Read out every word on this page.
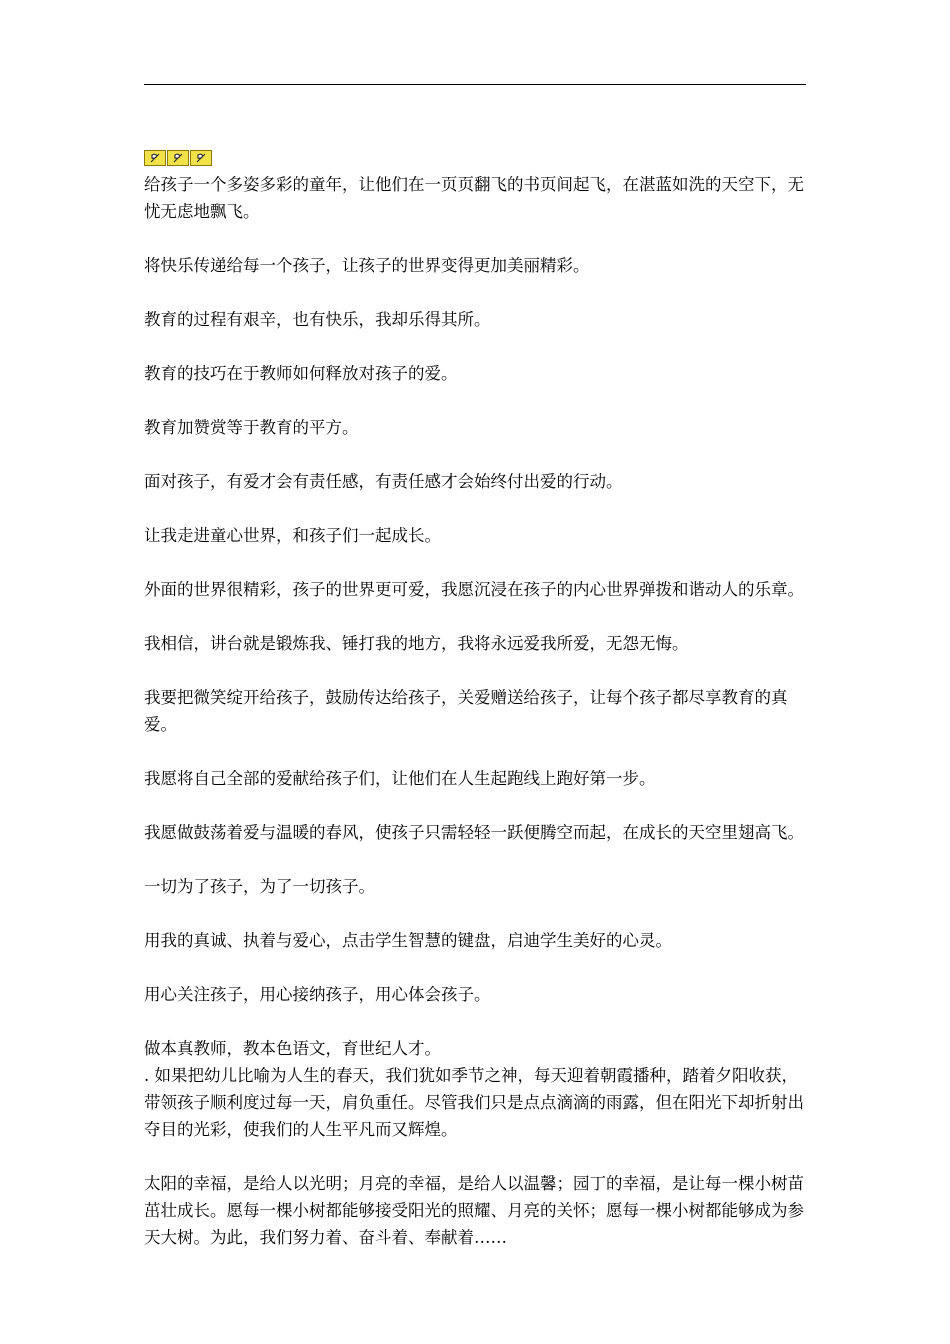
给孩子一个多姿多彩的童年，让他们在一页页翻飞的书页间起飞，在湛蓝如洗的天空下，无忧无虑地飘飞。

将快乐传递给每一个孩子，让孩子的世界变得更加美丽精彩。

教育的过程有艰辛，也有快乐，我却乐得其所。

教育的技巧在于教师如何释放对孩子的爱。

教育加赞赏等于教育的平方。

面对孩子，有爱才会有责任感，有责任感才会始终付出爱的行动。

让我走进童心世界，和孩子们一起成长。

外面的世界很精彩，孩子的世界更可爱，我愿沉浸在孩子的内心世界弹拨和谐动人的乐章。

我相信，讲台就是锻炼我、锤打我的地方，我将永远爱我所爱，无怨无悔。

我要把微笑绽开给孩子，鼓励传达给孩子，关爱赠送给孩子，让每个孩子都尽享教育的真爱。

我愿将自己全部的爱献给孩子们，让他们在人生起跑线上跑好第一步。

我愿做鼓荡着爱与温暖的春风，使孩子只需轻轻一跃便腾空而起，在成长的天空里翅高飞。

一切为了孩子，为了一切孩子。

用我的真诚、执着与爱心，点击学生智慧的键盘，启迪学生美好的心灵。

用心关注孩子，用心接纳孩子，用心体会孩子。

做本真教师，教本色语文，育世纪人才。

. 如果把幼儿比喻为人生的春天，我们犹如季节之神，每天迎着朝霞播种，踏着夕阳收获，带领孩子顺利度过每一天，肩负重任。尽管我们只是点点滴滴的雨露，但在阳光下却折射出夺目的光彩，使我们的人生平凡而又辉煌。

太阳的幸福，是给人以光明；月亮的幸福，是给人以温馨；园丁的幸福，是让每一棵小树苗茁壮成长。愿每一棵小树都能够接受阳光的照耀、月亮的关怀；愿每一棵小树都能够成为参天大树。为此，我们努力着、奋斗着、奉献着……
